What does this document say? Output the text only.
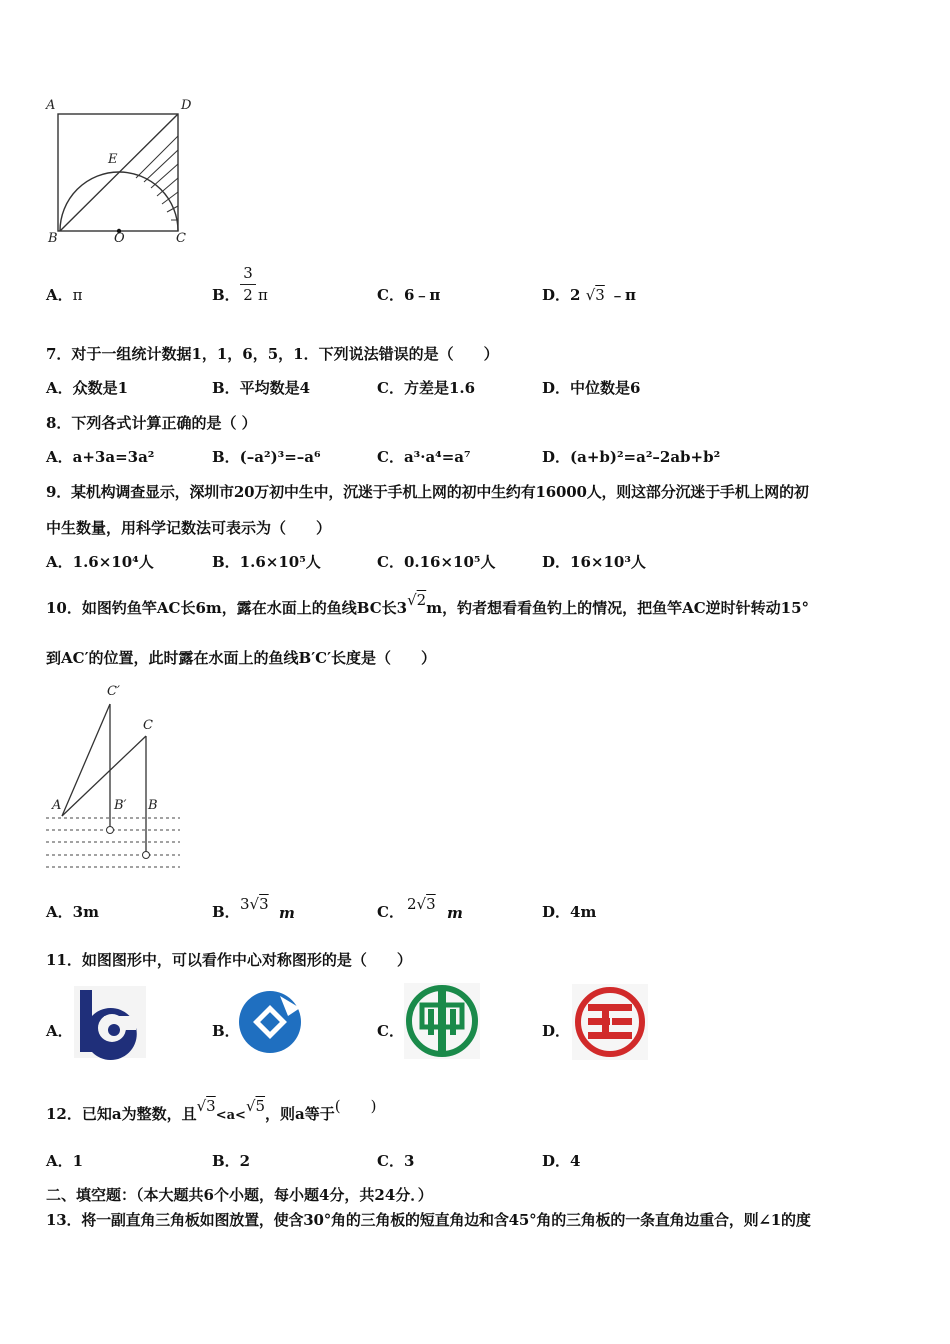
A	D
E
B	O	C
A．π	B． $\frac{3}{2}$ π	C．6﹣π	D．2 √3 ﹣π
7．对于一组统计数据1，1，6，5，1．下列说法错误的是（　　）
A．众数是1	B．平均数是4	C．方差是1.6	D．中位数是6
8．下列各式计算正确的是（ ）
A．a+3a=3a²	B．(–a²)³=–a⁶	C．a³·a⁴=a⁷	D．(a+b)²=a²–2ab+b²
9．某机构调查显示，深圳市20万初中生中，沉迷于手机上网的初中生约有16000人，则这部分沉迷于手机上网的初
中生数量，用科学记数法可表示为（　　）
A．1.6×10⁴人	B．1.6×10⁵人	C．0.16×10⁵人	D．16×10³人
10．如图钓鱼竿AC长6m，露在水面上的鱼线BC长3√2m，钓者想看看鱼钓上的情况，把鱼竿AC逆时针转动15°
到AC′的位置，此时露在水面上的鱼线B′C′长度是（　　）
C′
C
A	B′ B
A．3m	B． 3√3 m	C． 2√3 m	D．4m
11．如图图形中，可以看作中心对称图形的是（　　）
A．	B．	C．	D．
12．已知a为整数，且√3<a<√5，则a等于(　　)
A．1	B．2	C．3	D．4
二、填空题：（本大题共6个小题，每小题4分，共24分．）
13．将一副直角三角板如图放置，使含30°角的三角板的短直角边和含45°角的三角板的一条直角边重合，则∠1的度
